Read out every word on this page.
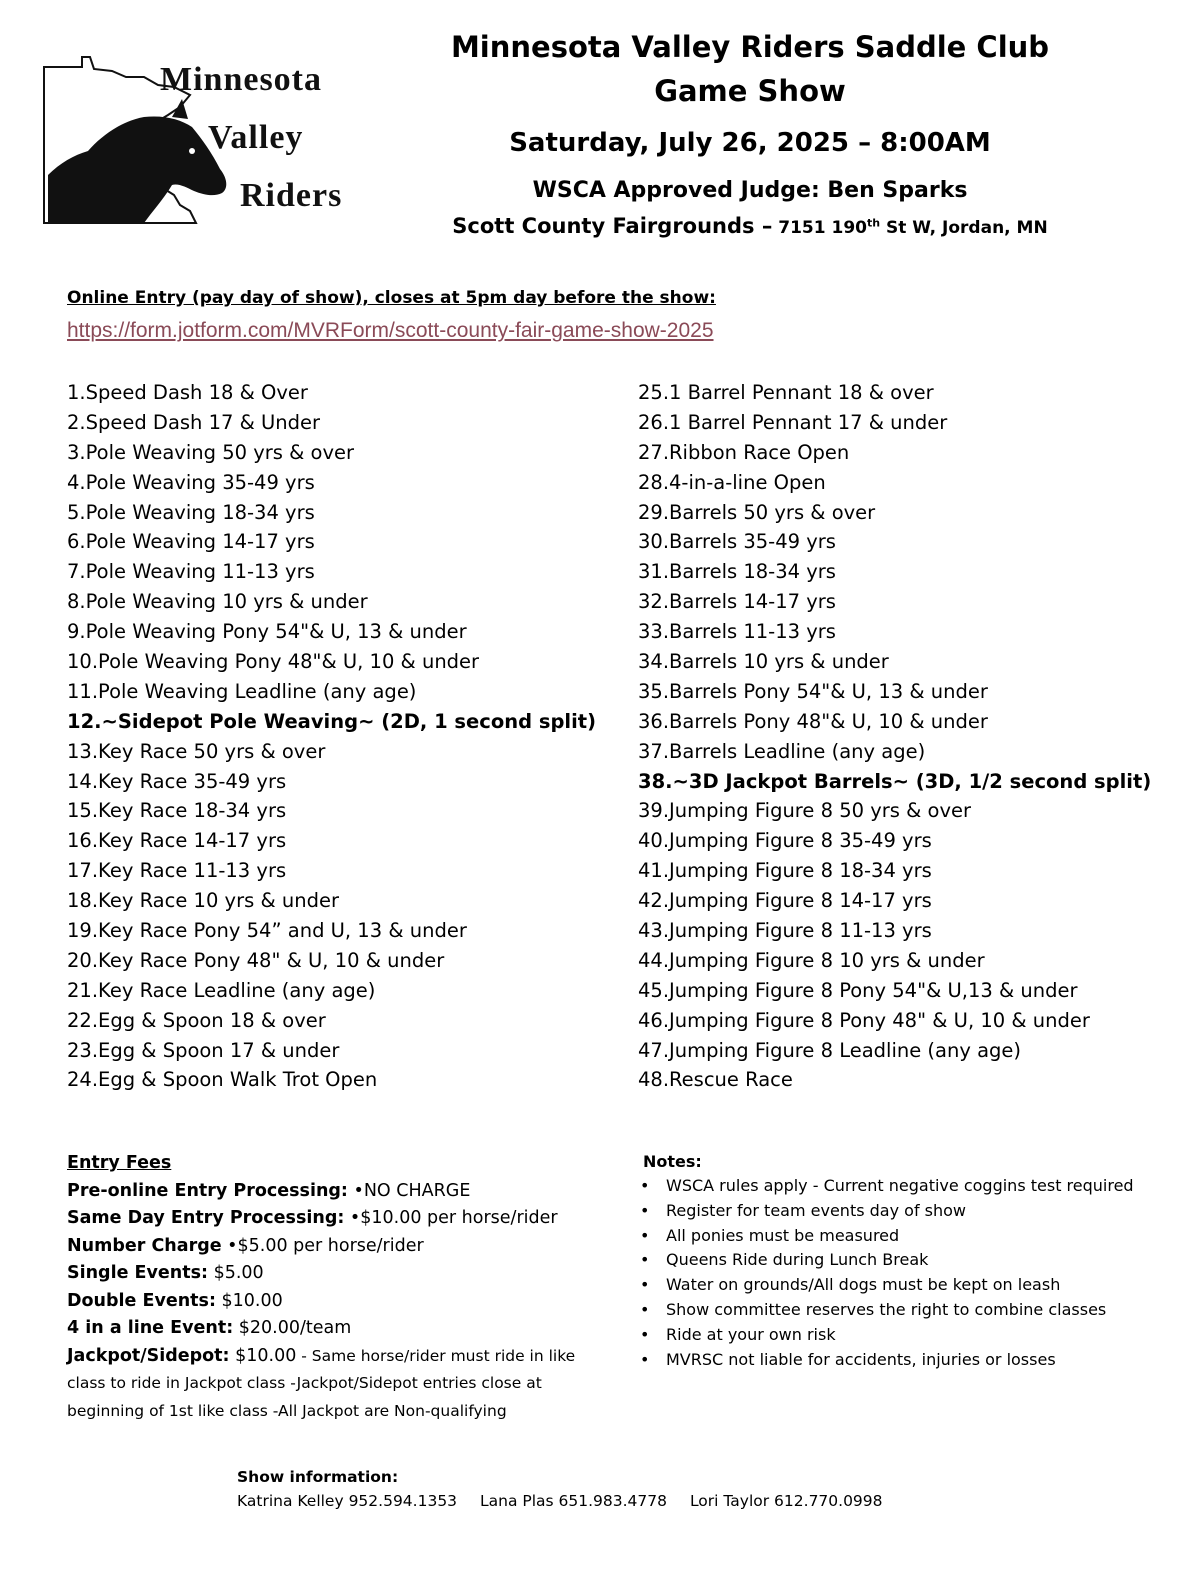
Minnesota
Valley
Riders
Minnesota Valley Riders Saddle Club
Game Show
Saturday, July 26, 2025 – 8:00AM
WSCA Approved Judge: Ben Sparks
Scott County Fairgrounds – 7151 190th St W, Jordan, MN
Online Entry (pay day of show), closes at 5pm day before the show:
https://form.jotform.com/MVRForm/scott-county-fair-game-show-2025
1.Speed Dash 18 & Over
2.Speed Dash 17 & Under
3.Pole Weaving 50 yrs & over
4.Pole Weaving 35-49 yrs
5.Pole Weaving 18-34 yrs
6.Pole Weaving 14-17 yrs
7.Pole Weaving 11-13 yrs
8.Pole Weaving 10 yrs & under
9.Pole Weaving Pony 54"& U, 13 & under
10.Pole Weaving Pony 48"& U, 10 & under
11.Pole Weaving Leadline (any age)
12.~Sidepot Pole Weaving~ (2D, 1 second split)
13.Key Race 50 yrs & over
14.Key Race 35-49 yrs
15.Key Race 18-34 yrs
16.Key Race 14-17 yrs
17.Key Race 11-13 yrs
18.Key Race 10 yrs & under
19.Key Race Pony 54” and U, 13 & under
20.Key Race Pony 48" & U, 10 & under
21.Key Race Leadline (any age)
22.Egg & Spoon 18 & over
23.Egg & Spoon 17 & under
24.Egg & Spoon Walk Trot Open
25.1 Barrel Pennant 18 & over
26.1 Barrel Pennant 17 & under
27.Ribbon Race Open
28.4-in-a-line Open
29.Barrels 50 yrs & over
30.Barrels 35-49 yrs
31.Barrels 18-34 yrs
32.Barrels 14-17 yrs
33.Barrels 11-13 yrs
34.Barrels 10 yrs & under
35.Barrels Pony 54"& U, 13 & under
36.Barrels Pony 48"& U, 10 & under
37.Barrels Leadline (any age)
38.~3D Jackpot Barrels~ (3D, 1/2 second split)
39.Jumping Figure 8 50 yrs & over
40.Jumping Figure 8 35-49 yrs
41.Jumping Figure 8 18-34 yrs
42.Jumping Figure 8 14-17 yrs
43.Jumping Figure 8 11-13 yrs
44.Jumping Figure 8 10 yrs & under
45.Jumping Figure 8 Pony 54"& U,13 & under
46.Jumping Figure 8 Pony 48" & U, 10 & under
47.Jumping Figure 8 Leadline (any age)
48.Rescue Race
Entry Fees
Pre-online Entry Processing: •NO CHARGE
Same Day Entry Processing: •$10.00 per horse/rider
Number Charge •$5.00 per horse/rider
Single Events: $5.00
Double Events: $10.00
4 in a line Event: $20.00/team
Jackpot/Sidepot: $10.00 - Same horse/rider must ride in like class to ride in Jackpot class -Jackpot/Sidepot entries close at beginning of 1st like class -All Jackpot are Non-qualifying
Notes:
• WSCA rules apply - Current negative coggins test required
• Register for team events day of show
• All ponies must be measured
• Queens Ride during Lunch Break
• Water on grounds/All dogs must be kept on leash
• Show committee reserves the right to combine classes
• Ride at your own risk
• MVRSC not liable for accidents, injuries or losses
Show information:
Katrina Kelley 952.594.1353 Lana Plas 651.983.4778 Lori Taylor 612.770.0998
